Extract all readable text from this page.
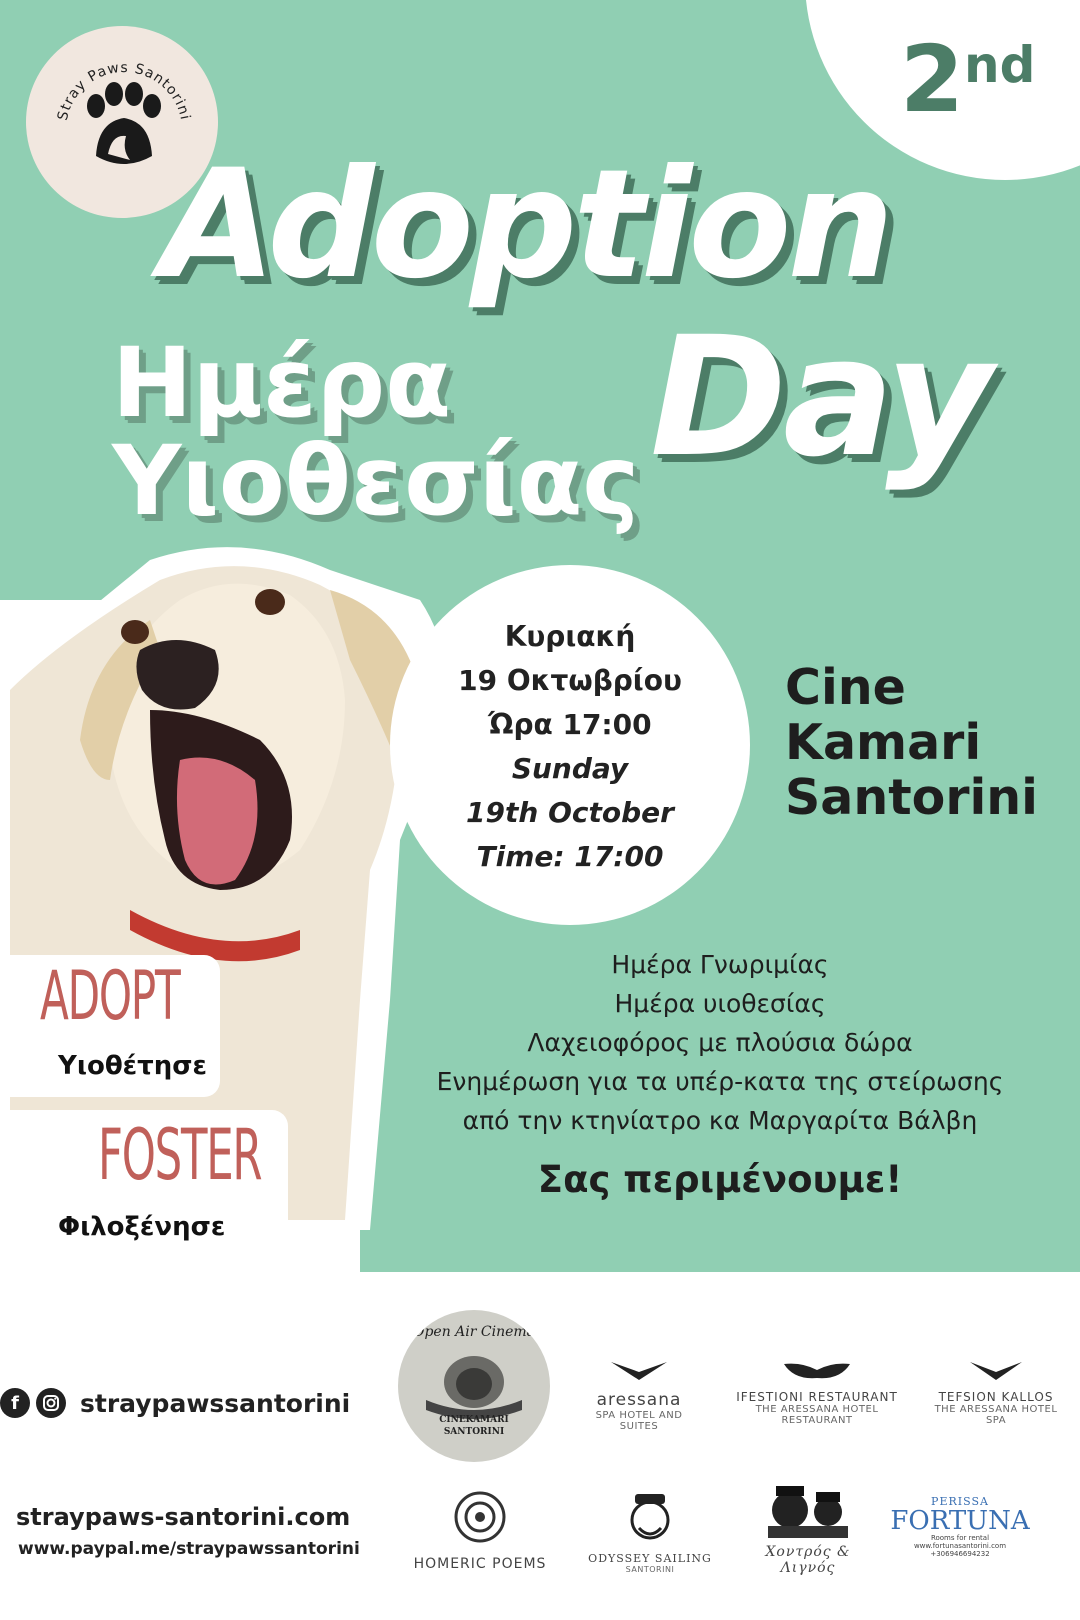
2nd
Stray Paws Santorini
Adoption
Ημέρα
Υιοθεσίας Day
Κυριακή
19 Οκτωβρίου
Ώρα 17:00
Sunday
19th October
Time: 17:00
Cine
Kamari
Santorini
Ημέρα Γνωριμίας
Ημέρα υιοθεσίας
Λαχειοφόρος με πλούσια δώρα
Ενημέρωση για τα υπέρ-κατα της στείρωσης
από την κτηνίατρο κα Μαργαρίτα Βάλβη
Σας περιμένουμε!
ADOPT
Υιοθέτησε
FOSTER
Φιλοξένησε
f	straypawssantorini
straypaws-santorini.com
www.paypal.me/straypawssantorini
Open Air Cinema
CINEKAMARI
SANTORINI
aressana
SPA HOTEL AND SUITES
IFESTIONI RESTAURANT
THE ARESSANA HOTEL RESTAURANT
TEFSION KALLOS
THE ARESSANA HOTEL SPA
HOMERIC POEMS	ODYSSEY SAILING
SANTORINI
Χοντρός & Λιγνός
PERISSA
FORTUNA
Rooms for rental
www.fortunasantorini.com
+306946694232
